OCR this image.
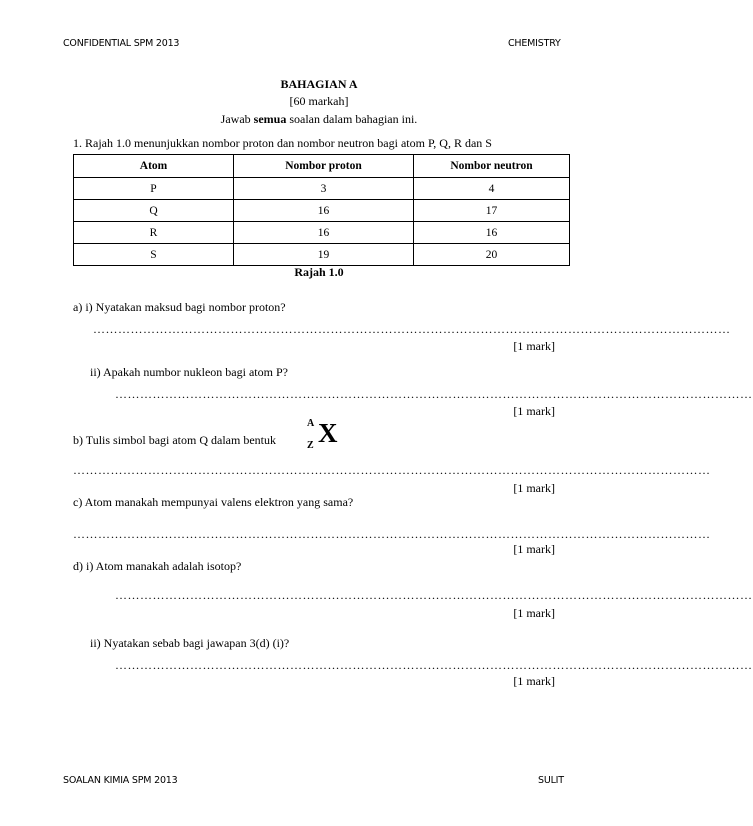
CONFIDENTIAL SPM 2013	CHEMISTRY
BAHAGIAN A
[60 markah]
Jawab semua soalan dalam bahagian ini.
1. Rajah 1.0 menunjukkan nombor proton dan nombor neutron bagi atom P, Q, R dan S
Atom	Nombor proton	Nombor neutron
P	3	4
Q	16	17
R	16	16
S	19	20
Rajah 1.0
a) i) Nyatakan maksud bagi nombor proton?
………………………………………………………………………………………………………………………………………
[1 mark]
ii) Apakah numbor nukleon bagi atom P?
………………………………………………………………………………………………………………………………………
[1 mark]
b) Tulis simbol bagi atom Q dalam bentuk
A
Z X
………………………………………………………………………………………………………………………………………
[1 mark]
c) Atom manakah mempunyai valens elektron yang sama?
………………………………………………………………………………………………………………………………………
[1 mark]
d) i) Atom manakah adalah isotop?
………………………………………………………………………………………………………………………………………
[1 mark]
ii) Nyatakan sebab bagi jawapan 3(d) (i)?
………………………………………………………………………………………………………………………………………
[1 mark]
SOALAN KIMIA SPM 2013	SULIT
